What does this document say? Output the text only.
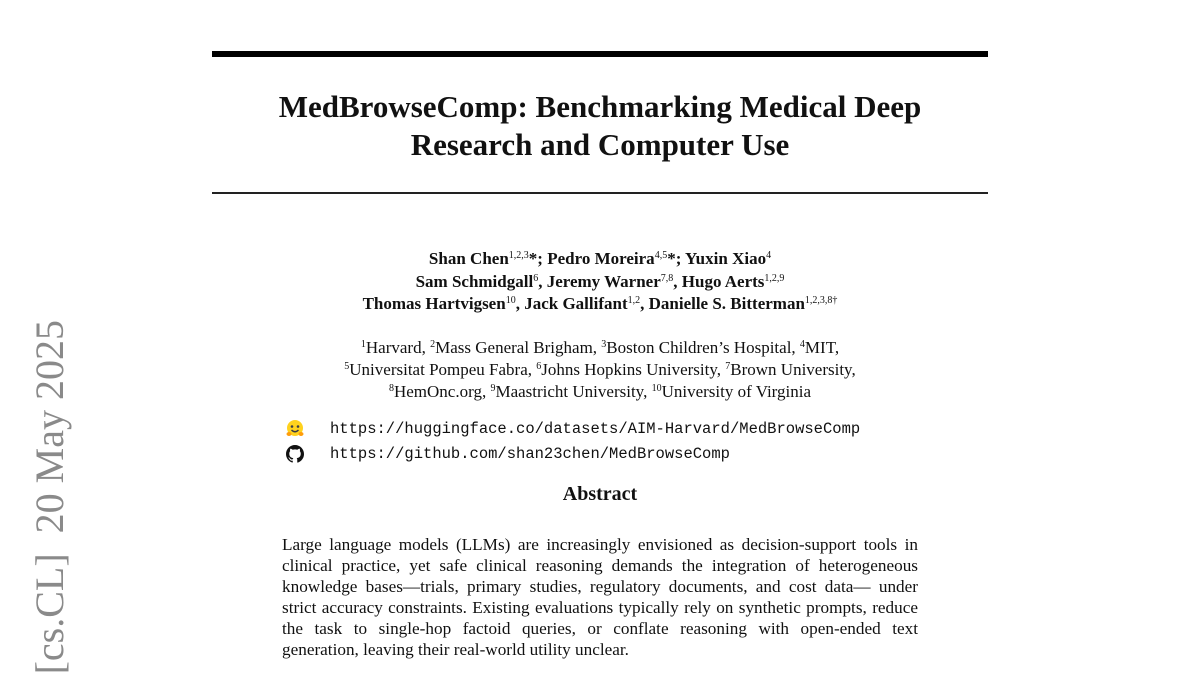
[cs.CL]  20 May 2025
MedBrowseComp: Benchmarking Medical Deep
Research and Computer Use
Shan Chen$^{1,2,3}$*; Pedro Moreira$^{4,5}$*; Yuxin Xiao$^4$
Sam Schmidgall$^6$, Jeremy Warner$^{7,8}$, Hugo Aerts$^{1,2,9}$
Thomas Hartvigsen$^{10}$, Jack Gallifant$^{1,2}$, Danielle S. Bitterman$^{1,2,3,8\dagger}$
$^1$Harvard, $^2$Mass General Brigham, $^3$Boston Children’s Hospital, $^4$MIT,
$^5$Universitat Pompeu Fabra, $^6$Johns Hopkins University, $^7$Brown University,
$^8$HemOnc.org, $^9$Maastricht University, $^{10}$University of Virginia
https://huggingface.co/datasets/AIM-Harvard/MedBrowseComp
https://github.com/shan23chen/MedBrowseComp
Abstract
Large language models (LLMs) are increasingly envisioned as decision-support tools in clinical practice, yet safe clinical reasoning demands the integration of heterogeneous knowledge bases—trials, primary studies, regulatory documents, and cost data— under strict accuracy constraints. Existing evaluations typically rely on synthetic prompts, reduce the task to single-hop factoid queries, or conflate reasoning with open-ended text generation, leaving their real-world utility unclear.
